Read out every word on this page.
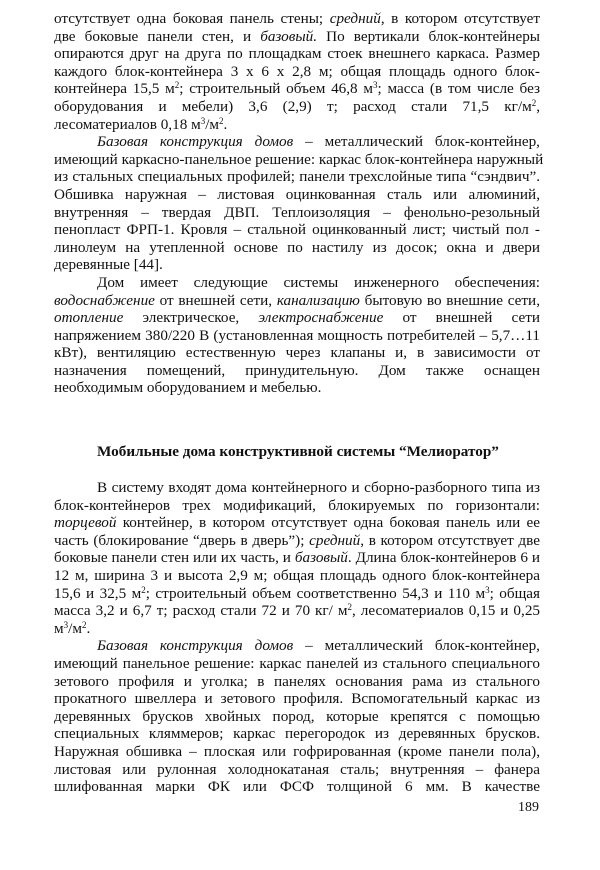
отсутствует одна боковая панель стены; средний, в котором отсутствует
две боковые панели стен, и базовый. По вертикали блок-контейнеры
опираются друг на друга по площадкам стоек внешнего каркаса. Размер
каждого блок-контейнера 3 х 6 х 2,8 м; общая площадь одного блок-
контейнера 15,5 $м^2$; строительный объем 46,8 $м^3$; масса (в том числе без
оборудования и мебели) 3,6 (2,9) т; расход стали 71,5 $кг/м^2$,
лесоматериалов 0,18 $м^3/м^2$.
Базовая конструкция домов – металлический блок-контейнер,
имеющий каркасно-панельное решение: каркас блок-контейнера наружный
из стальных специальных профилей; панели трехслойные типа “сэндвич”.
Обшивка наружная – листовая оцинкованная сталь или алюминий,
внутренняя – твердая ДВП. Теплоизоляция – фенольно-резольный
пенопласт ФРП-1. Кровля – стальной оцинкованный лист; чистый пол -
линолеум на утепленной основе по настилу из досок; окна и двери
деревянные [44].
Дом имеет следующие системы инженерного обеспечения:
водоснабжение от внешней сети, канализацию бытовую во внешние сети,
отопление электрическое, электроснабжение от внешней сети
напряжением 380/220 В (установленная мощность потребителей – 5,7…11
кВт), вентиляцию естественную через клапаны и, в зависимости от
назначения помещений, принудительную. Дом также оснащен
необходимым оборудованием и мебелью.
Мобильные дома конструктивной системы “Мелиоратор”
В систему входят дома контейнерного и сборно-разборного типа из
блок-контейнеров трех модификаций, блокируемых по горизонтали:
торцевой контейнер, в котором отсутствует одна боковая панель или ее
часть (блокирование “дверь в дверь”); средний, в котором отсутствует две
боковые панели стен или их часть, и базовый. Длина блок-контейнеров 6 и
12 м, ширина 3 и высота 2,9 м; общая площадь одного блок-контейнера
15,6 и 32,5 $м^2$; строительный объем соответственно 54,3 и 110 $м^3$; общая
масса 3,2 и 6,7 т; расход стали 72 и 70 кг/ $м^2$, лесоматериалов 0,15 и 0,25
$м^3/м^2$.
Базовая конструкция домов – металлический блок-контейнер,
имеющий панельное решение: каркас панелей из стального специального
зетового профиля и уголка; в панелях основания рама из стального
прокатного швеллера и зетового профиля. Вспомогательный каркас из
деревянных брусков хвойных пород, которые крепятся с помощью
специальных кляммеров; каркас перегородок из деревянных брусков.
Наружная обшивка – плоская или гофрированная (кроме панели пола),
листовая или рулонная холоднокатаная сталь; внутренняя – фанера
шлифованная марки ФК или ФСФ толщиной 6 мм. В качестве
189
